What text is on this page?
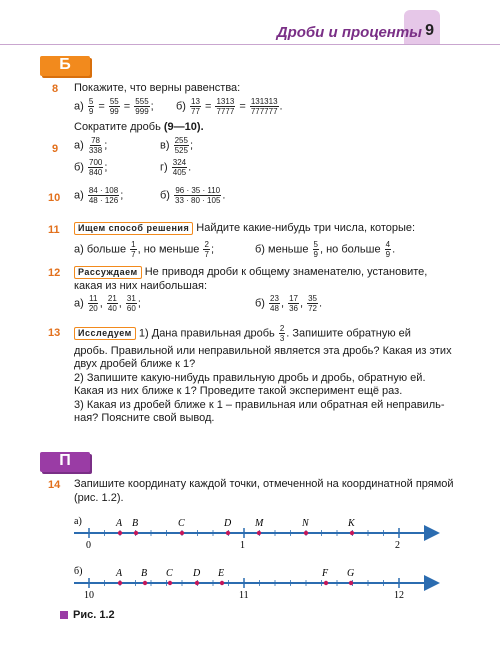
Дроби и проценты 9
Б
8 Покажите, что верны равенства:
$а) \frac{5}{9} = \frac{55}{99} = \frac{555}{999}$ ; $б) \frac{13}{77} = \frac{1313}{7777} = \frac{131313}{777777}$ .
Сократите дробь (9—10).
9 $а) \frac{78}{338}$ ;	$в) \frac{255}{525}$ ;
$б) \frac{700}{840}$ ;	$г) \frac{324}{405}$ .
10 $а) \frac{84 \cdot 108}{48 \cdot 126}$ ;	$б) \frac{96 \cdot 35 \cdot 110}{33 \cdot 80 \cdot 105}$ .
11	Ищем способ решения Найдите какие-нибудь три числа, которые:
а) больше $\frac{1}{7}$ , но меньше $\frac{2}{7}$ ;	б) меньше $\frac{5}{9}$ , но больше $\frac{4}{9}$ .
12	Рассуждаем Не приводя дроби к общему знаменателю, установите,
какая из них наибольшая:
$а) \frac{11}{20}$ , $\frac{21}{40}$ , $\frac{31}{60}$ ;	$б) \frac{23}{48}$ , $\frac{17}{36}$ , $\frac{35}{72}$ .
13	Исследуем 1) Дана правильная дробь $\frac{2}{3}$ . Запишите обратную ей
дробь. Правильной или неправильной является эта дробь? Какая из этих
двух дробей ближе к 1?
2) Запишите какую-нибудь правильную дробь и дробь, обратную ей.
Какая из них ближе к 1? Проведите такой эксперимент ещё раз.
3) Какая из дробей ближе к 1 – правильная или обратная ей неправиль-
ная? Поясните свой вывод.
П
14 Запишите координату каждой точки, отмеченной на координатной прямой
(рис. 1.2).
а)	A B	C	D M	N	K
0	1	2
б)	A B C D E	F G
10	11	12
Рис. 1.2
